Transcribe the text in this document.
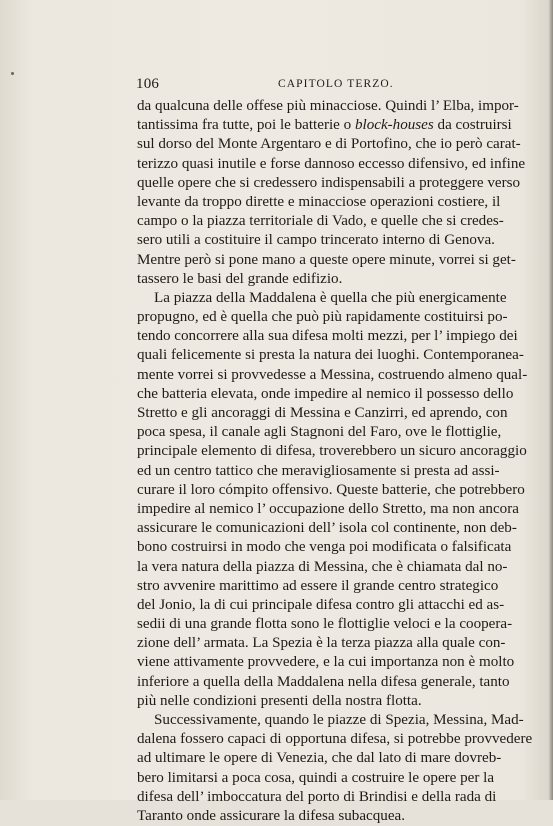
106	CAPITOLO TERZO.
da qualcuna delle offese più minacciose. Quindi l’ Elba, impor-
tantissima fra tutte, poi le batterie o block-houses da costruirsi
sul dorso del Monte Argentaro e di Portofino, che io però carat-
terizzo quasi inutile e forse dannoso eccesso difensivo, ed infine
quelle opere che si credessero indispensabili a proteggere verso
levante da troppo dirette e minacciose operazioni costiere, il
campo o la piazza territoriale di Vado, e quelle che si credes-
sero utili a costituire il campo trincerato interno di Genova.
Mentre però si pone mano a queste opere minute, vorrei si get-
tassero le basi del grande edifizio.
La piazza della Maddalena è quella che più energicamente
propugno, ed è quella che può più rapidamente costituirsi po-
tendo concorrere alla sua difesa molti mezzi, per l’ impiego dei
quali felicemente si presta la natura dei luoghi. Contemporanea-
mente vorrei si provvedesse a Messina, costruendo almeno qual-
che batteria elevata, onde impedire al nemico il possesso dello
Stretto e gli ancoraggi di Messina e Canzirri, ed aprendo, con
poca spesa, il canale agli Stagnoni del Faro, ove le flottiglie,
principale elemento di difesa, troverebbero un sicuro ancoraggio
ed un centro tattico che meravigliosamente si presta ad assi-
curare il loro cómpito offensivo. Queste batterie, che potrebbero
impedire al nemico l’ occupazione dello Stretto, ma non ancora
assicurare le comunicazioni dell’ isola col continente, non deb-
bono costruirsi in modo che venga poi modificata o falsificata
la vera natura della piazza di Messina, che è chiamata dal no-
stro avvenire marittimo ad essere il grande centro strategico
del Jonio, la di cui principale difesa contro gli attacchi ed as-
sedii di una grande flotta sono le flottiglie veloci e la coopera-
zione dell’ armata. La Spezia è la terza piazza alla quale con-
viene attivamente provvedere, e la cui importanza non è molto
inferiore a quella della Maddalena nella difesa generale, tanto
più nelle condizioni presenti della nostra flotta.
Successivamente, quando le piazze di Spezia, Messina, Mad-
dalena fossero capaci di opportuna difesa, si potrebbe provvedere
ad ultimare le opere di Venezia, che dal lato di mare dovreb-
bero limitarsi a poca cosa, quindi a costruire le opere per la
difesa dell’ imboccatura del porto di Brindisi e della rada di
Taranto onde assicurare la difesa subacquea.
